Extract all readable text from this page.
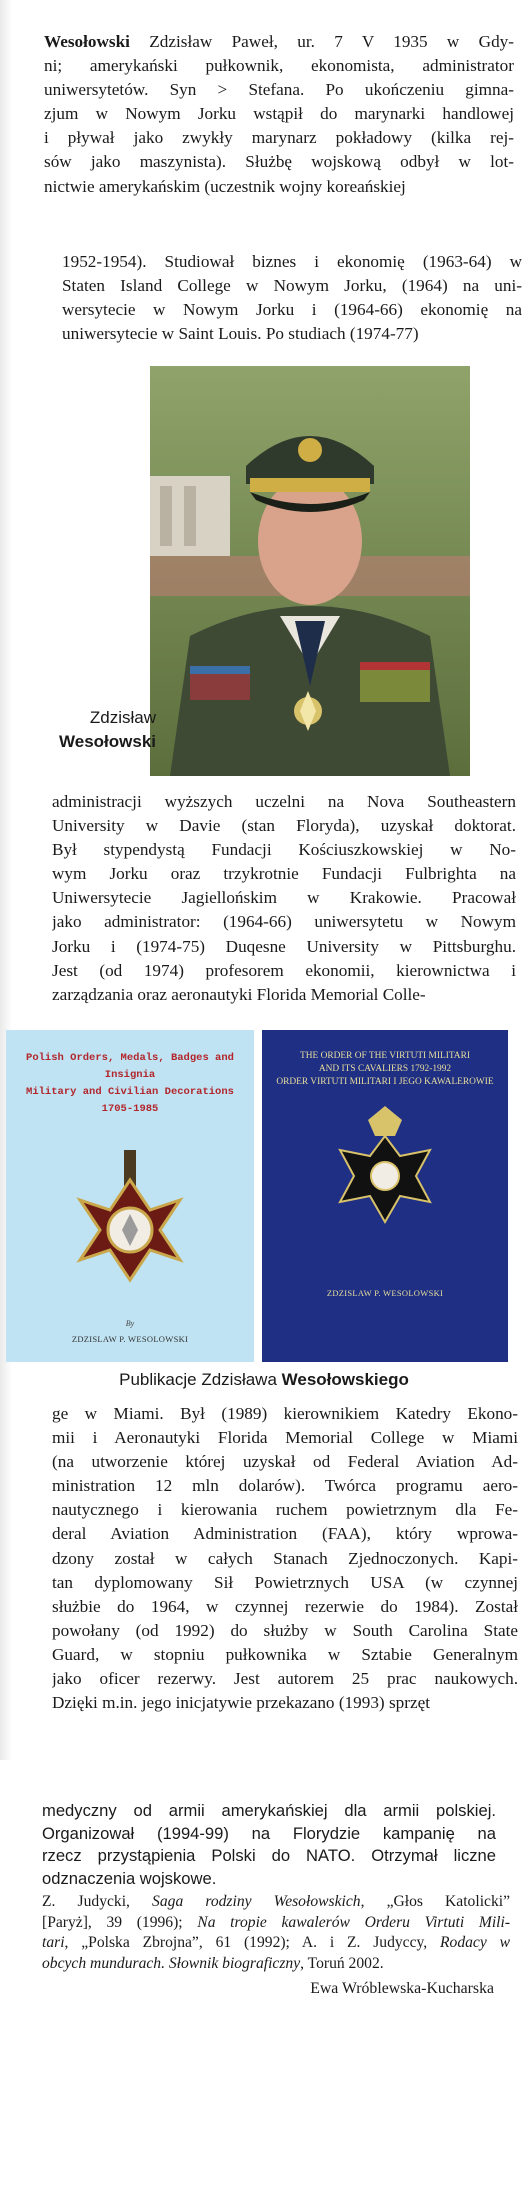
Wesołowski Zdzisław Paweł, ur. 7 V 1935 w Gdy-
ni; amerykański pułkownik, ekonomista, administrator
uniwersytetów. Syn > Stefana. Po ukończeniu gimna-
zjum w Nowym Jorku wstąpił do marynarki handlowej
i pływał jako zwykły marynarz pokładowy (kilka rej-
sów jako maszynista). Służbę wojskową odbył w lot-
nictwie amerykańskim (uczestnik wojny koreańskiej
1952-1954). Studiował biznes i ekonomię (1963-64) w
Staten Island College w Nowym Jorku, (1964) na uni-
wersytecie w Nowym Jorku i (1964-66) ekonomię na
uniwersytecie w Saint Louis. Po studiach (1974-77)
Zdzisław
Wesołowski
administracji wyższych uczelni na Nova Southeastern
University w Davie (stan Floryda), uzyskał doktorat.
Był stypendystą Fundacji Kościuszkowskiej w No-
wym Jorku oraz trzykrotnie Fundacji Fulbrighta na
Uniwersytecie Jagiellońskim w Krakowie. Pracował
jako administrator: (1964-66) uniwersytetu w Nowym
Jorku i (1974-75) Duqesne University w Pittsburghu.
Jest (od 1974) profesorem ekonomii, kierownictwa i
zarządzania oraz aeronautyki Florida Memorial Colle-
Polish Orders, Medals, Badges and Insignia
Military and Civilian Decorations
1705-1985
By
ZDZISLAW P. WESOLOWSKI
THE ORDER OF THE VIRTUTI MILITARI
AND ITS CAVALIERS 1792-1992
ORDER VIRTUTI MILITARI I JEGO KAWALEROWIE
ZDZISLAW P. WESOLOWSKI
Publikacje Zdzisława Wesołowskiego
ge w Miami. Był (1989) kierownikiem Katedry Ekono-
mii i Aeronautyki Florida Memorial College w Miami
(na utworzenie której uzyskał od Federal Aviation Ad-
ministration 12 mln dolarów). Twórca programu aero-
nautycznego i kierowania ruchem powietrznym dla Fe-
deral Aviation Administration (FAA), który wprowa-
dzony został w całych Stanach Zjednoczonych. Kapi-
tan dyplomowany Sił Powietrznych USA (w czynnej
służbie do 1964, w czynnej rezerwie do 1984). Został
powołany (od 1992) do służby w South Carolina State
Guard, w stopniu pułkownika w Sztabie Generalnym
jako oficer rezerwy. Jest autorem 25 prac naukowych.
Dzięki m.in. jego inicjatywie przekazano (1993) sprzęt
medyczny od armii amerykańskiej dla armii polskiej.
Organizował (1994-99) na Florydzie kampanię na
rzecz przystąpienia Polski do NATO. Otrzymał liczne
odznaczenia wojskowe.
Z. Judycki, Saga rodziny Wesołowskich, „Głos Katolicki”
[Paryż], 39 (1996); Na tropie kawalerów Orderu Virtuti Mili-
tari, „Polska Zbrojna”, 61 (1992); A. i Z. Judyccy, Rodacy w
obcych mundurach. Słownik biograficzny, Toruń 2002.
Ewa Wróblewska-Kucharska
